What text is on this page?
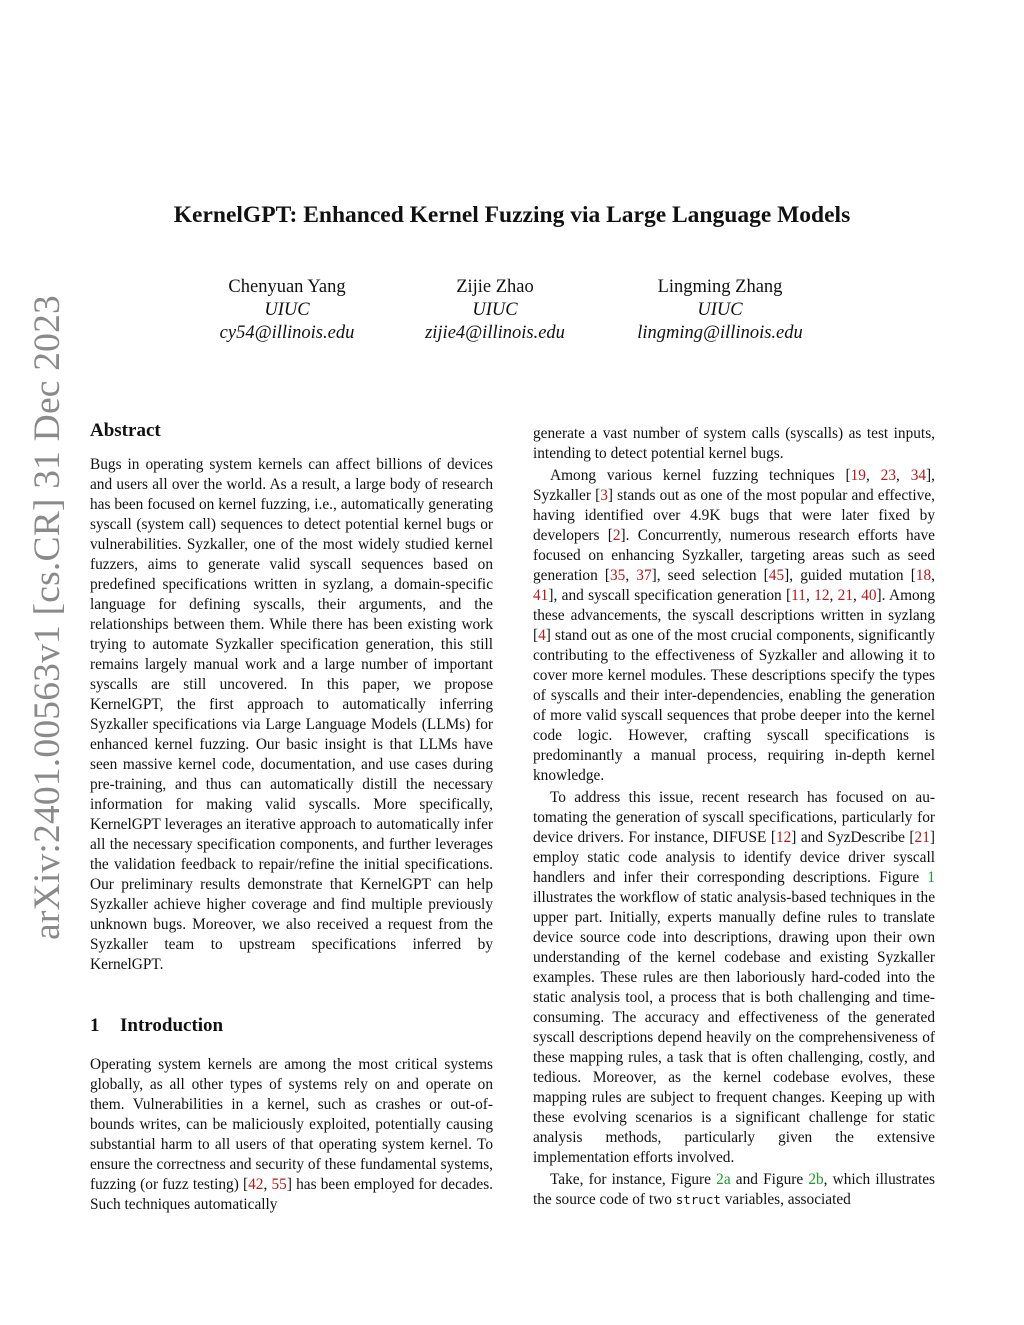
arXiv:2401.00563v1 [cs.CR] 31 Dec 2023
KernelGPT: Enhanced Kernel Fuzzing via Large Language Models
Chenyuan Yang
UIUC
cy54@illinois.edu
Zijie Zhao
UIUC
zijie4@illinois.edu
Lingming Zhang
UIUC
lingming@illinois.edu
Abstract

Bugs in operating system kernels can affect billions of devices and users all over the world. As a result, a large body of research has been focused on kernel fuzzing, i.e., automatically generating syscall (system call) sequences to detect potential kernel bugs or vulnerabilities. Syzkaller, one of the most widely studied kernel fuzzers, aims to generate valid syscall sequences based on predefined specifications written in syzlang, a domain-specific language for defining syscalls, their arguments, and the relationships between them. While there has been existing work trying to automate Syzkaller specification generation, this still remains largely manual work and a large number of important syscalls are still uncovered. In this paper, we propose KernelGPT, the first approach to automatically inferring Syzkaller specifications via Large Language Models (LLMs) for enhanced kernel fuzzing. Our basic insight is that LLMs have seen massive kernel code, documentation, and use cases during pre-training, and thus can automatically distill the necessary information for making valid syscalls. More specifically, KernelGPT leverages an iterative approach to automatically infer all the necessary specification components, and further leverages the validation feedback to repair/refine the initial specifications. Our preliminary results demonstrate that KernelGPT can help Syzkaller achieve higher coverage and find multiple previously unknown bugs. Moreover, we also received a request from the Syzkaller team to upstream specifications inferred by KernelGPT.

1 Introduction

Operating system kernels are among the most critical systems globally, as all other types of systems rely on and operate on them. Vulnerabilities in a kernel, such as crashes or out-of-bounds writes, can be maliciously exploited, potentially causing substantial harm to all users of that operating system kernel. To ensure the correctness and security of these fundamental systems, fuzzing (or fuzz testing) [42, 55] has been employed for decades. Such techniques automatically

generate a vast number of system calls (syscalls) as test inputs, intending to detect potential kernel bugs.

Among various kernel fuzzing techniques [19, 23, 34], Syzkaller [3] stands out as one of the most popular and effective, having identified over 4.9K bugs that were later fixed by developers [2]. Concurrently, numerous research efforts have focused on enhancing Syzkaller, targeting areas such as seed generation [35, 37], seed selection [45], guided mutation [18, 41], and syscall specification generation [11, 12, 21, 40]. Among these advancements, the syscall descriptions written in syzlang [4] stand out as one of the most crucial components, significantly contributing to the effectiveness of Syzkaller and allowing it to cover more kernel modules. These descriptions specify the types of syscalls and their inter-dependencies, enabling the generation of more valid syscall sequences that probe deeper into the kernel code logic. However, crafting syscall specifications is predominantly a manual process, requiring in-depth kernel knowledge.

To address this issue, recent research has focused on automating the generation of syscall specifications, particularly for device drivers. For instance, DIFUSE [12] and SyzDescribe [21] employ static code analysis to identify device driver syscall handlers and infer their corresponding descriptions. Figure 1 illustrates the workflow of static analysis-based techniques in the upper part. Initially, experts manually define rules to translate device source code into descriptions, drawing upon their own understanding of the kernel codebase and existing Syzkaller examples. These rules are then laboriously hard-coded into the static analysis tool, a process that is both challenging and time-consuming. The accuracy and effectiveness of the generated syscall descriptions depend heavily on the comprehensiveness of these mapping rules, a task that is often challenging, costly, and tedious. Moreover, as the kernel codebase evolves, these mapping rules are subject to frequent changes. Keeping up with these evolving scenarios is a significant challenge for static analysis methods, particularly given the extensive implementation efforts involved.

Take, for instance, Figure 2a and Figure 2b, which illustrates the source code of two struct variables, associated
